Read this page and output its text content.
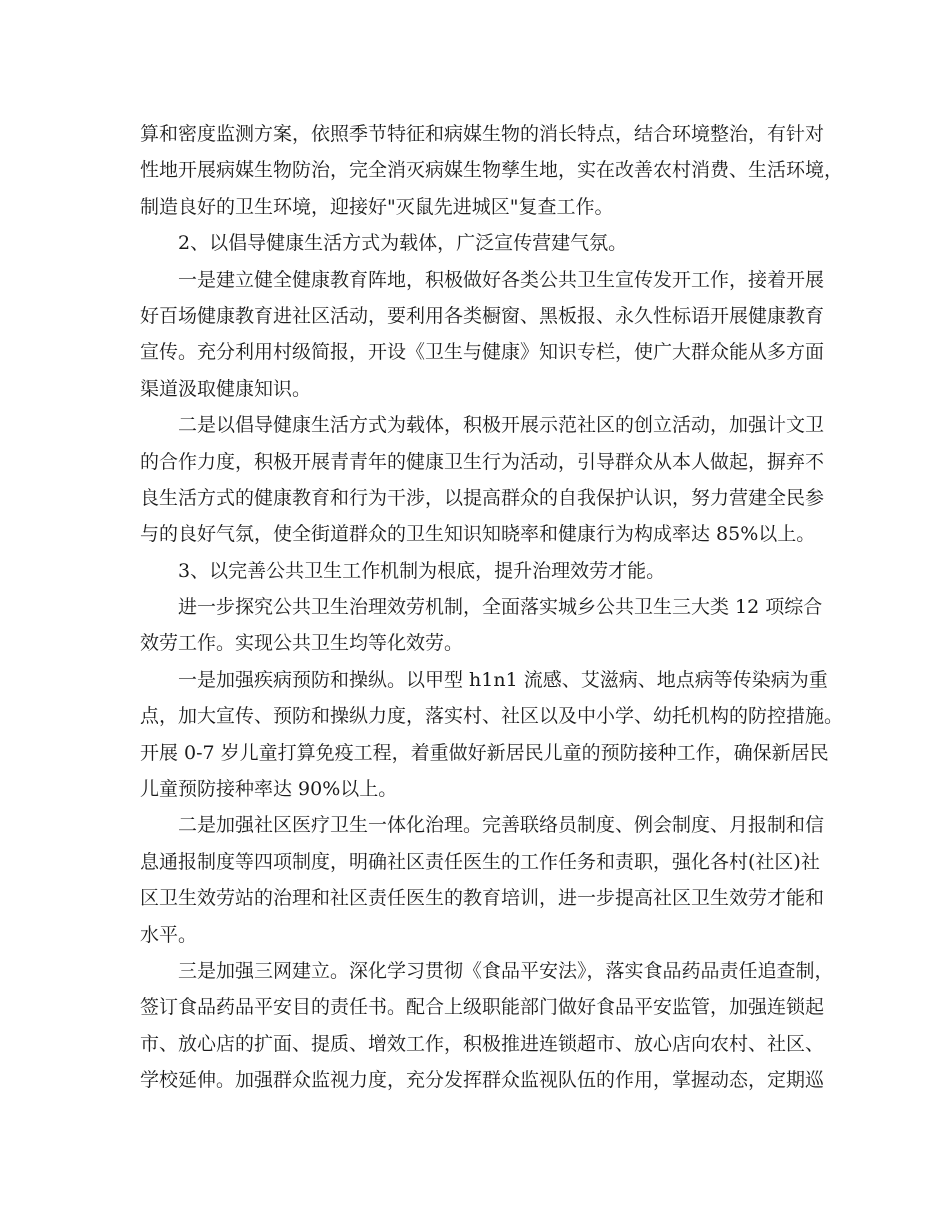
算和密度监测方案，依照季节特征和病媒生物的消长特点，结合环境整治，有针对
性地开展病媒生物防治，完全消灭病媒生物孳生地，实在改善农村消费、生活环境，
制造良好的卫生环境，迎接好"灭鼠先进城区"复查工作。
2、以倡导健康生活方式为载体，广泛宣传营建气氛。
一是建立健全健康教育阵地，积极做好各类公共卫生宣传发开工作，接着开展
好百场健康教育进社区活动，要利用各类橱窗、黑板报、永久性标语开展健康教育
宣传。充分利用村级简报，开设《卫生与健康》知识专栏，使广大群众能从多方面
渠道汲取健康知识。
二是以倡导健康生活方式为载体，积极开展示范社区的创立活动，加强计文卫
的合作力度，积极开展青青年的健康卫生行为活动，引导群众从本人做起，摒弃不
良生活方式的健康教育和行为干涉，以提高群众的自我保护认识，努力营建全民参
与的良好气氛，使全街道群众的卫生知识知晓率和健康行为构成率达 85%以上。
3、以完善公共卫生工作机制为根底，提升治理效劳才能。
进一步探究公共卫生治理效劳机制，全面落实城乡公共卫生三大类 12 项综合
效劳工作。实现公共卫生均等化效劳。
一是加强疾病预防和操纵。以甲型 h1n1 流感、艾滋病、地点病等传染病为重
点，加大宣传、预防和操纵力度，落实村、社区以及中小学、幼托机构的防控措施。
开展 0-7 岁儿童打算免疫工程，着重做好新居民儿童的预防接种工作，确保新居民
儿童预防接种率达 90%以上。
二是加强社区医疗卫生一体化治理。完善联络员制度、例会制度、月报制和信
息通报制度等四项制度，明确社区责任医生的工作任务和责职，强化各村(社区)社
区卫生效劳站的治理和社区责任医生的教育培训，进一步提高社区卫生效劳才能和
水平。
三是加强三网建立。深化学习贯彻《食品平安法》，落实食品药品责任追查制，
签订食品药品平安目的责任书。配合上级职能部门做好食品平安监管，加强连锁起
市、放心店的扩面、提质、增效工作，积极推进连锁超市、放心店向农村、社区、
学校延伸。加强群众监视力度，充分发挥群众监视队伍的作用，掌握动态，定期巡
